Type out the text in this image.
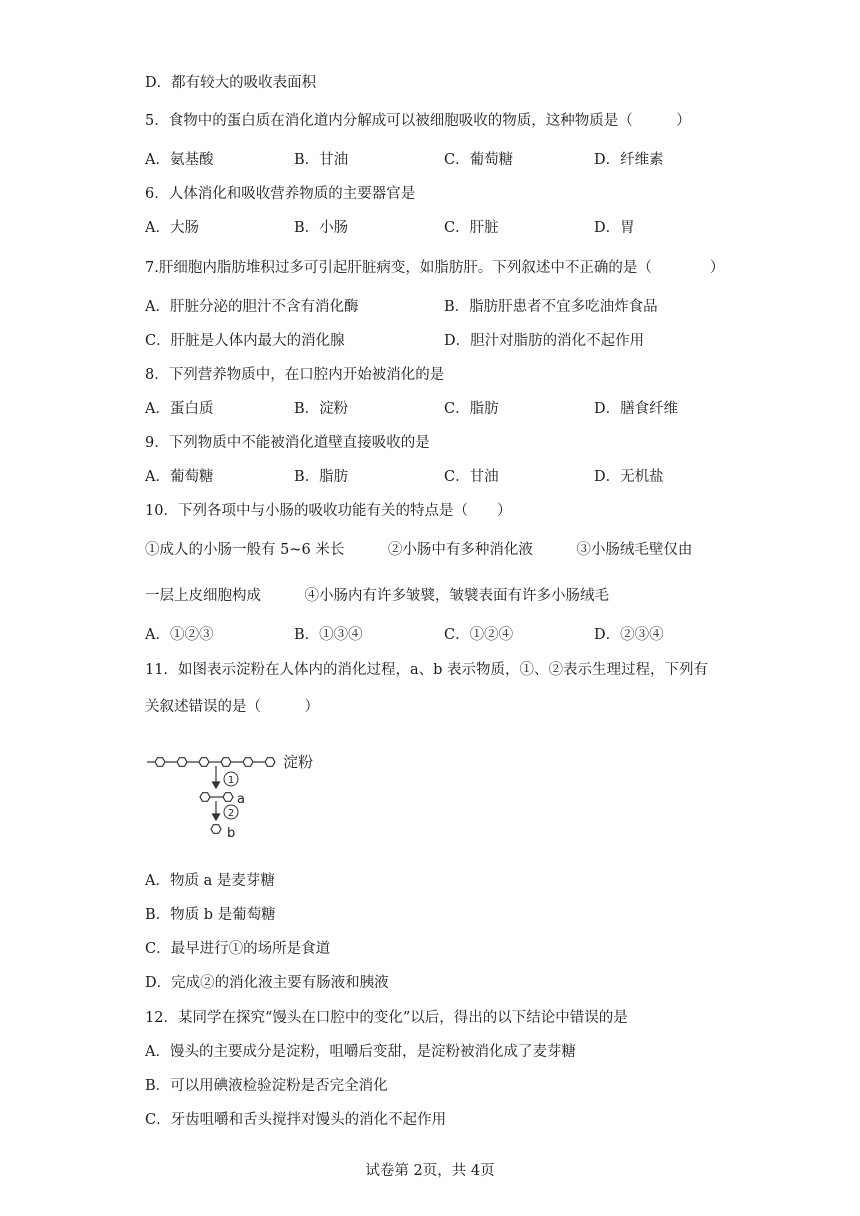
D．都有较大的吸收表面积
5．食物中的蛋白质在消化道内分解成可以被细胞吸收的物质，这种物质是（　　　）
A．氨基酸	B．甘油	C．葡萄糖	D．纤维素
6．人体消化和吸收营养物质的主要器官是
A．大肠	B．小肠	C．肝脏	D．胃
7.肝细胞内脂肪堆积过多可引起肝脏病变，如脂肪肝。下列叙述中不正确的是（　　　　）
A．肝脏分泌的胆汁不含有消化酶	B．脂肪肝患者不宜多吃油炸食品
C．肝脏是人体内最大的消化腺	D．胆汁对脂肪的消化不起作用
8．下列营养物质中，在口腔内开始被消化的是
A．蛋白质	B．淀粉	C．脂肪	D．膳食纤维
9．下列物质中不能被消化道壁直接吸收的是
A．葡萄糖	B．脂肪	C．甘油	D．无机盐
10．下列各项中与小肠的吸收功能有关的特点是（　　）
①成人的小肠一般有 5~6 米长　　　②小肠中有多种消化液　　　③小肠绒毛壁仅由
一层上皮细胞构成　　　④小肠内有许多皱襞，皱襞表面有许多小肠绒毛
A．①②③	B．①③④	C．①②④	D．②③④
11．如图表示淀粉在人体内的消化过程，a、b 表示物质，①、②表示生理过程，下列有
关叙述错误的是（　　　）
淀粉
1
a
2
b
A．物质 a 是麦芽糖
B．物质 b 是葡萄糖
C．最早进行①的场所是食道
D．完成②的消化液主要有肠液和胰液
12．某同学在探究“馒头在口腔中的变化”以后，得出的以下结论中错误的是
A．馒头的主要成分是淀粉，咀嚼后变甜，是淀粉被消化成了麦芽糖
B．可以用碘液检验淀粉是否完全消化
C．牙齿咀嚼和舌头搅拌对馒头的消化不起作用
试卷第 2页，共 4页
